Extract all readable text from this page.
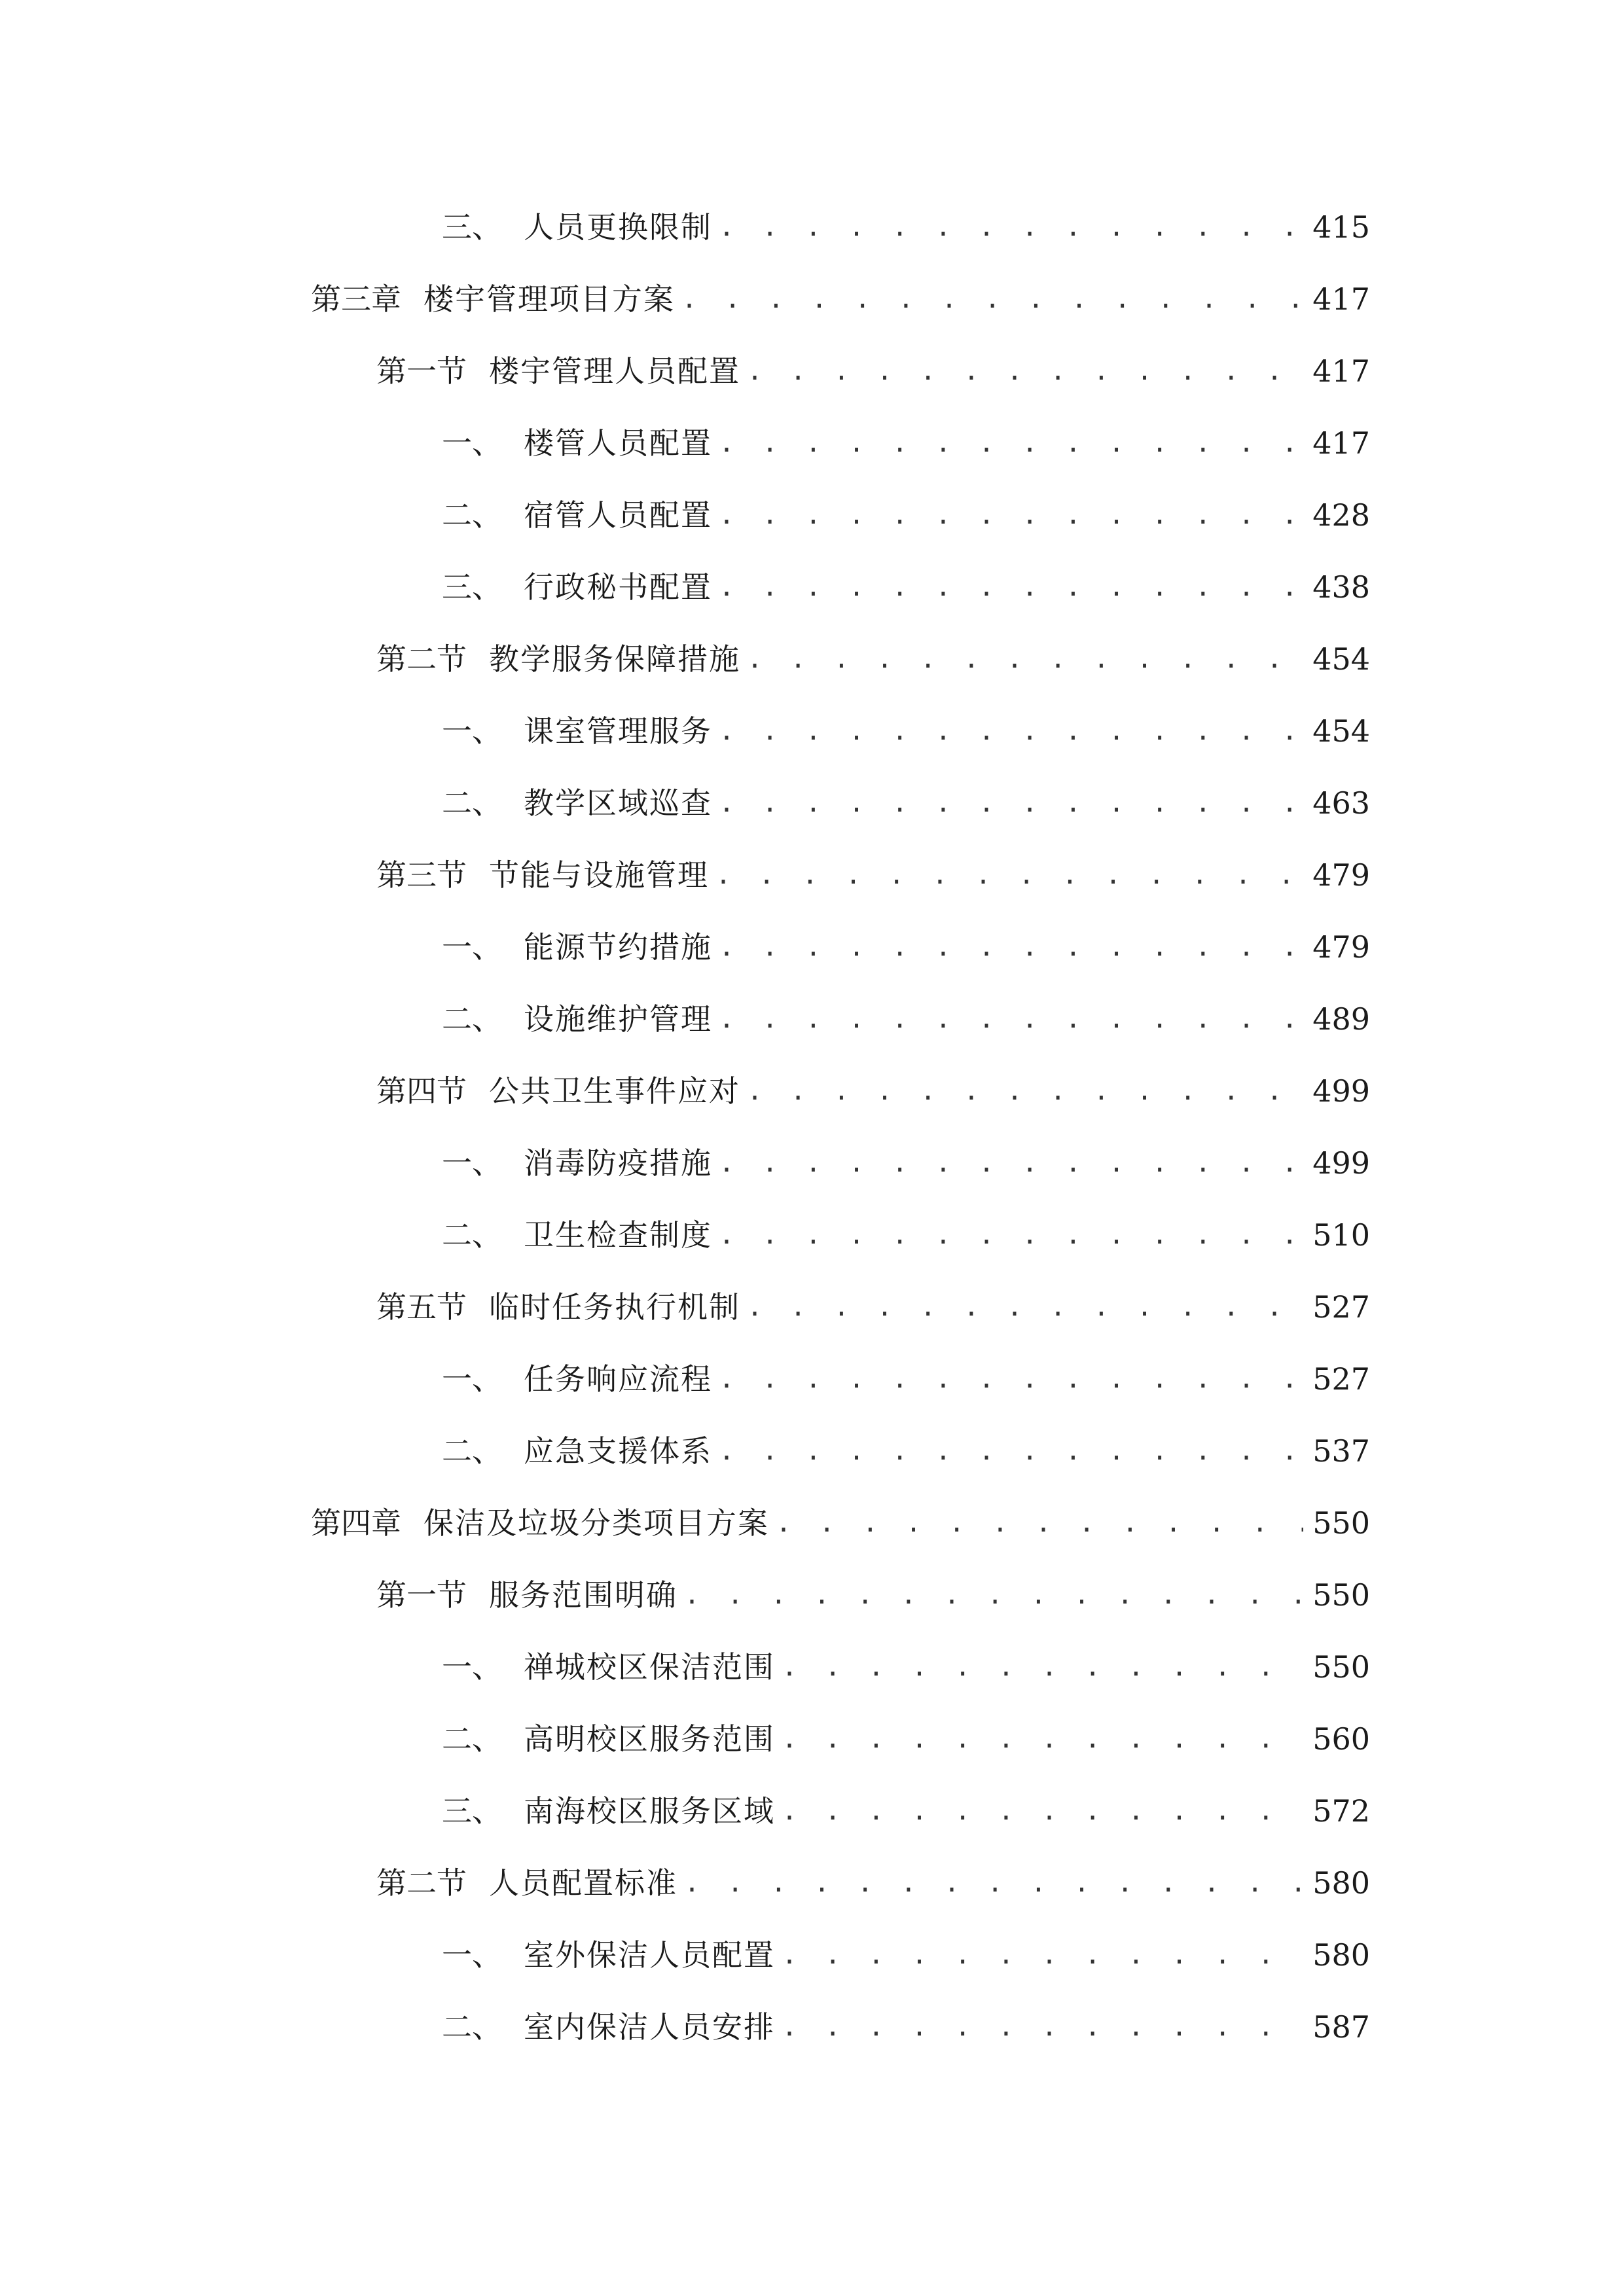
三、 人员更换限制 . . .	415
第三章 楼宇管理项目方案 . . .	417
第一节 楼宇管理人员配置 . . .	417
一、 楼管人员配置 . . .	417
二、 宿管人员配置 . . .	428
三、 行政秘书配置 . . .	438
第二节 教学服务保障措施 . . .	454
一、 课室管理服务 . . .	454
二、 教学区域巡查 . . .	463
第三节 节能与设施管理 . . .	479
一、 能源节约措施 . . .	479
二、 设施维护管理 . . .	489
第四节 公共卫生事件应对 . . .	499
一、 消毒防疫措施 . . .	499
二、 卫生检查制度 . . .	510
第五节 临时任务执行机制 . . .	527
一、 任务响应流程 . . .	527
二、 应急支援体系 . . .	537
第四章 保洁及垃圾分类项目方案 . . .	550
第一节 服务范围明确 . . .	550
一、 禅城校区保洁范围 . . .	550
二、 高明校区服务范围 . . .	560
三、 南海校区服务区域 . . .	572
第二节 人员配置标准 . . .	580
一、 室外保洁人员配置 . . .	580
二、 室内保洁人员安排 . . .	587
